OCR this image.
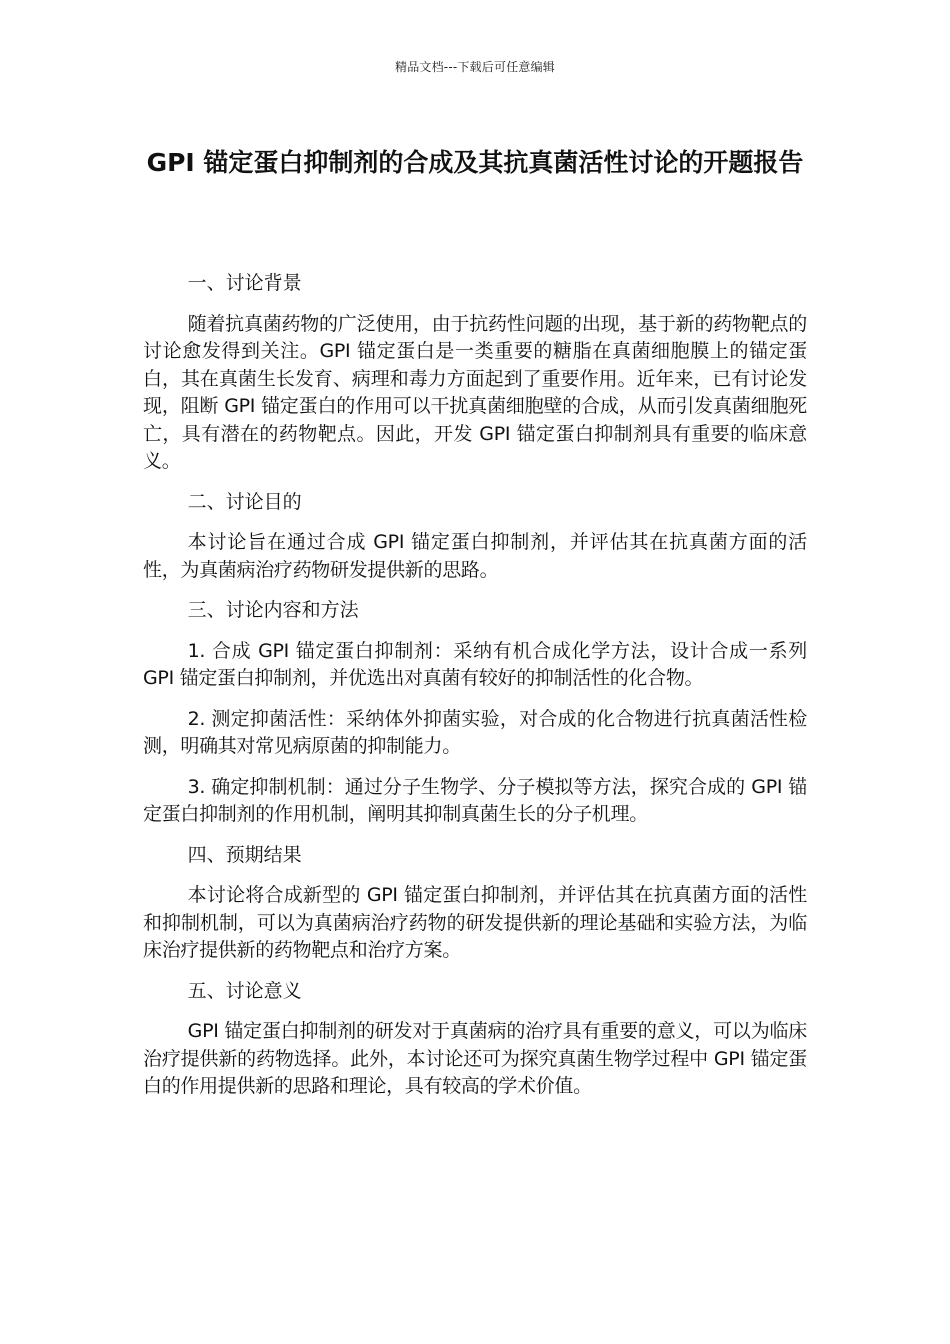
精品文档---下载后可任意编辑
GPI 锚定蛋白抑制剂的合成及其抗真菌活性讨论的开题报告

一、讨论背景

随着抗真菌药物的广泛使用，由于抗药性问题的出现，基于新的药物靶点的讨论愈发得到关注。GPI 锚定蛋白是一类重要的糖脂在真菌细胞膜上的锚定蛋白，其在真菌生长发育、病理和毒力方面起到了重要作用。近年来，已有讨论发现，阻断 GPI 锚定蛋白的作用可以干扰真菌细胞壁的合成，从而引发真菌细胞死亡，具有潜在的药物靶点。因此，开发 GPI 锚定蛋白抑制剂具有重要的临床意义。

二、讨论目的

本讨论旨在通过合成 GPI 锚定蛋白抑制剂，并评估其在抗真菌方面的活性，为真菌病治疗药物研发提供新的思路。

三、讨论内容和方法

1. 合成 GPI 锚定蛋白抑制剂：采纳有机合成化学方法，设计合成一系列 GPI 锚定蛋白抑制剂，并优选出对真菌有较好的抑制活性的化合物。

2. 测定抑菌活性：采纳体外抑菌实验，对合成的化合物进行抗真菌活性检测，明确其对常见病原菌的抑制能力。

3. 确定抑制机制：通过分子生物学、分子模拟等方法，探究合成的 GPI 锚定蛋白抑制剂的作用机制，阐明其抑制真菌生长的分子机理。

四、预期结果

本讨论将合成新型的 GPI 锚定蛋白抑制剂，并评估其在抗真菌方面的活性和抑制机制，可以为真菌病治疗药物的研发提供新的理论基础和实验方法，为临床治疗提供新的药物靶点和治疗方案。

五、讨论意义

GPI 锚定蛋白抑制剂的研发对于真菌病的治疗具有重要的意义，可以为临床治疗提供新的药物选择。此外，本讨论还可为探究真菌生物学过程中 GPI 锚定蛋白的作用提供新的思路和理论，具有较高的学术价值。
